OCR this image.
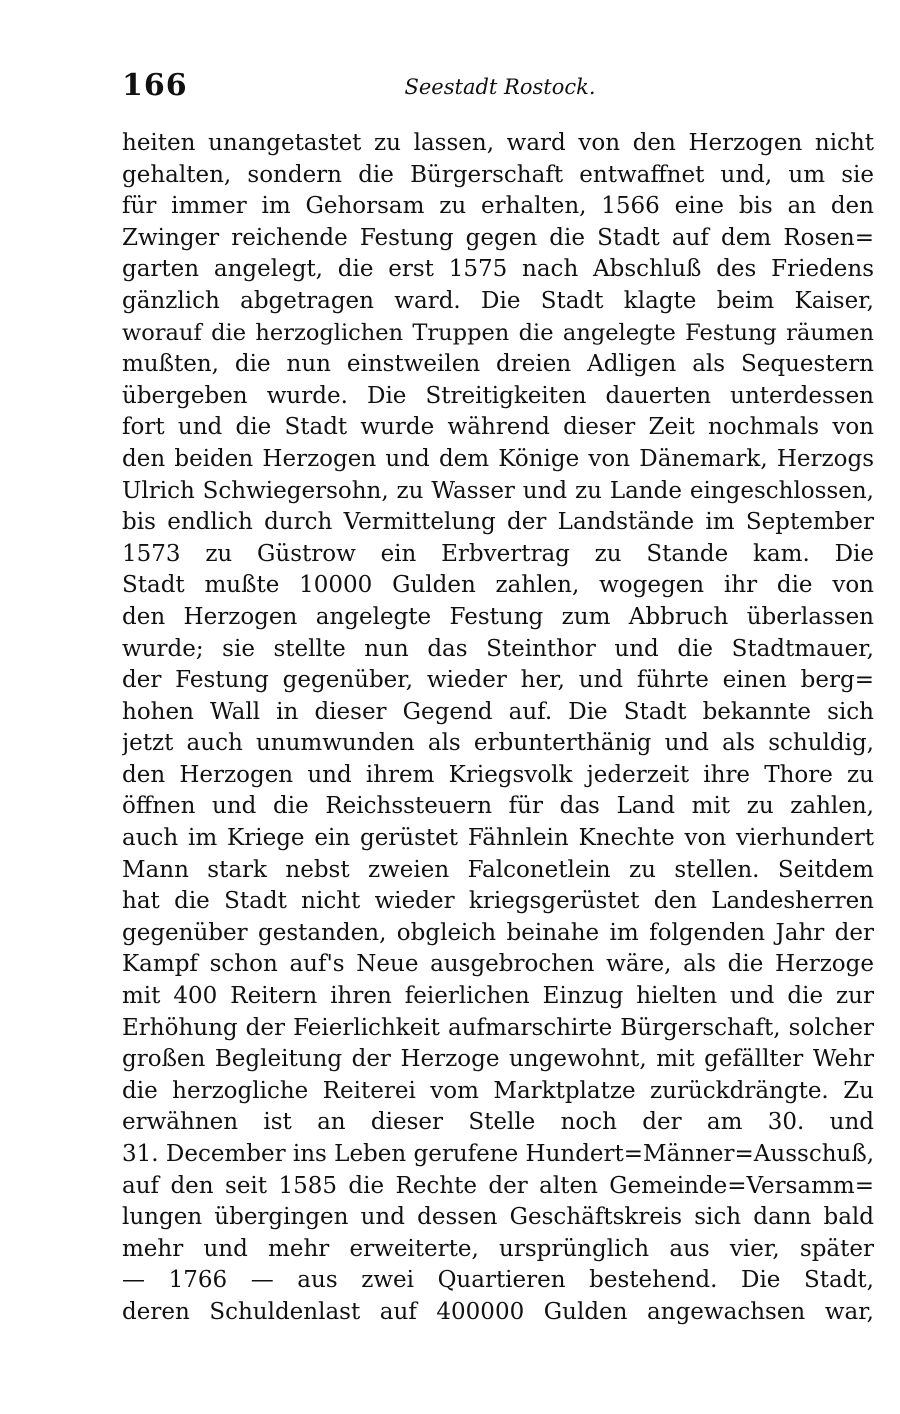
166	Seestadt Rostock.
heiten unangetastet zu lassen, ward von den Herzogen nicht
gehalten, sondern die Bürgerschaft entwaffnet und, um sie
für immer im Gehorsam zu erhalten, 1566 eine bis an den
Zwinger reichende Festung gegen die Stadt auf dem Rosen=
garten angelegt, die erst 1575 nach Abschluß des Friedens
gänzlich abgetragen ward. Die Stadt klagte beim Kaiser,
worauf die herzoglichen Truppen die angelegte Festung räumen
mußten, die nun einstweilen dreien Adligen als Sequestern
übergeben wurde. Die Streitigkeiten dauerten unterdessen
fort und die Stadt wurde während dieser Zeit nochmals von
den beiden Herzogen und dem Könige von Dänemark, Herzogs
Ulrich Schwiegersohn, zu Wasser und zu Lande eingeschlossen,
bis endlich durch Vermittelung der Landstände im September
1573 zu Güstrow ein Erbvertrag zu Stande kam. Die
Stadt mußte 10000 Gulden zahlen, wogegen ihr die von
den Herzogen angelegte Festung zum Abbruch überlassen
wurde; sie stellte nun das Steinthor und die Stadtmauer,
der Festung gegenüber, wieder her, und führte einen berg=
hohen Wall in dieser Gegend auf. Die Stadt bekannte sich
jetzt auch unumwunden als erbunterthänig und als schuldig,
den Herzogen und ihrem Kriegsvolk jederzeit ihre Thore zu
öffnen und die Reichssteuern für das Land mit zu zahlen,
auch im Kriege ein gerüstet Fähnlein Knechte von vierhundert
Mann stark nebst zweien Falconetlein zu stellen. Seitdem
hat die Stadt nicht wieder kriegsgerüstet den Landesherren
gegenüber gestanden, obgleich beinahe im folgenden Jahr der
Kampf schon auf's Neue ausgebrochen wäre, als die Herzoge
mit 400 Reitern ihren feierlichen Einzug hielten und die zur
Erhöhung der Feierlichkeit aufmarschirte Bürgerschaft, solcher
großen Begleitung der Herzoge ungewohnt, mit gefällter Wehr
die herzogliche Reiterei vom Marktplatze zurückdrängte. Zu
erwähnen ist an dieser Stelle noch der am 30. und
31. December ins Leben gerufene Hundert=Männer=Ausschuß,
auf den seit 1585 die Rechte der alten Gemeinde=Versamm=
lungen übergingen und dessen Geschäftskreis sich dann bald
mehr und mehr erweiterte, ursprünglich aus vier, später
— 1766 — aus zwei Quartieren bestehend. Die Stadt,
deren Schuldenlast auf 400000 Gulden angewachsen war,
